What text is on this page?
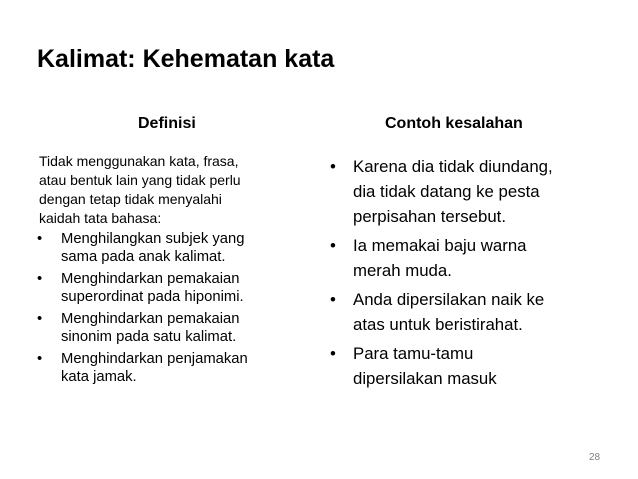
Kalimat: Kehematan kata
Definisi	Contoh kesalahan
Tidak menggunakan kata, frasa,
atau bentuk lain yang tidak perlu
dengan tetap tidak menyalahi
kaidah tata bahasa:
• Menghilangkan subjek yang
sama pada anak kalimat.
• Menghindarkan pemakaian
superordinat pada hiponimi.
• Menghindarkan pemakaian
sinonim pada satu kalimat.
• Menghindarkan penjamakan
kata jamak.
• Karena dia tidak diundang,
dia tidak datang ke pesta
perpisahan tersebut.
• Ia memakai baju warna
merah muda.
• Anda dipersilakan naik ke
atas untuk beristirahat.
• Para tamu-tamu
dipersilakan masuk
28
